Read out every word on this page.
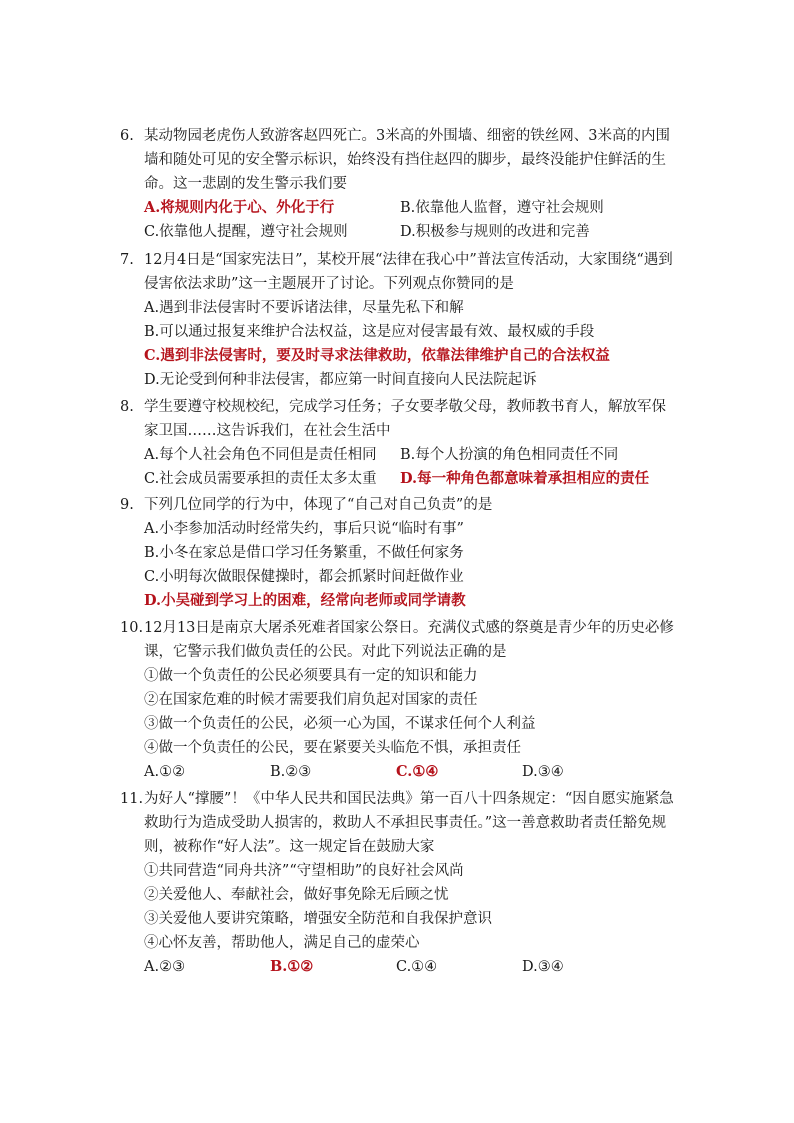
6. 某动物园老虎伤人致游客赵四死亡。3米高的外围墙、细密的铁丝网、3米高的内围墙和随处可见的安全警示标识，始终没有挡住赵四的脚步，最终没能护住鲜活的生命。这一悲剧的发生警示我们要
A.将规则内化于心、外化于行	B.依靠他人监督，遵守社会规则
C.依靠他人提醒，遵守社会规则	D.积极参与规则的改进和完善
7. 12月4日是“国家宪法日”，某校开展“法律在我心中”普法宣传活动，大家围绕“遇到侵害依法求助”这一主题展开了讨论。下列观点你赞同的是
A.遇到非法侵害时不要诉诸法律，尽量先私下和解
B.可以通过报复来维护合法权益，这是应对侵害最有效、最权威的手段
C.遇到非法侵害时，要及时寻求法律救助，依靠法律维护自己的合法权益
D.无论受到何种非法侵害，都应第一时间直接向人民法院起诉
8. 学生要遵守校规校纪，完成学习任务；子女要孝敬父母，教师教书育人，解放军保家卫国……这告诉我们，在社会生活中
A.每个人社会角色不同但是责任相同	B.每个人扮演的角色相同责任不同
C.社会成员需要承担的责任太多太重	D.每一种角色都意味着承担相应的责任
9. 下列几位同学的行为中，体现了“自己对自己负责”的是
A.小李参加活动时经常失约，事后只说“临时有事”
B.小冬在家总是借口学习任务繁重，不做任何家务
C.小明每次做眼保健操时，都会抓紧时间赶做作业
D.小吴碰到学习上的困难，经常向老师或同学请教
10.12月13日是南京大屠杀死难者国家公祭日。充满仪式感的祭奠是青少年的历史必修课，它警示我们做负责任的公民。对此下列说法正确的是
①做一个负责任的公民必须要具有一定的知识和能力
②在国家危难的时候才需要我们肩负起对国家的责任
③做一个负责任的公民，必须一心为国，不谋求任何个人利益
④做一个负责任的公民，要在紧要关头临危不惧，承担责任
A.①②	B.②③	C.①④	D.③④
11.为好人“撑腰”！《中华人民共和国民法典》第一百八十四条规定：“因自愿实施紧急救助行为造成受助人损害的，救助人不承担民事责任。”这一善意救助者责任豁免规则，被称作“好人法”。这一规定旨在鼓励大家
①共同营造“同舟共济”“守望相助”的良好社会风尚
②关爱他人、奉献社会，做好事免除无后顾之忧
③关爱他人要讲究策略，增强安全防范和自我保护意识
④心怀友善，帮助他人，满足自己的虚荣心
A.②③	B.①②	C.①④	D.③④
